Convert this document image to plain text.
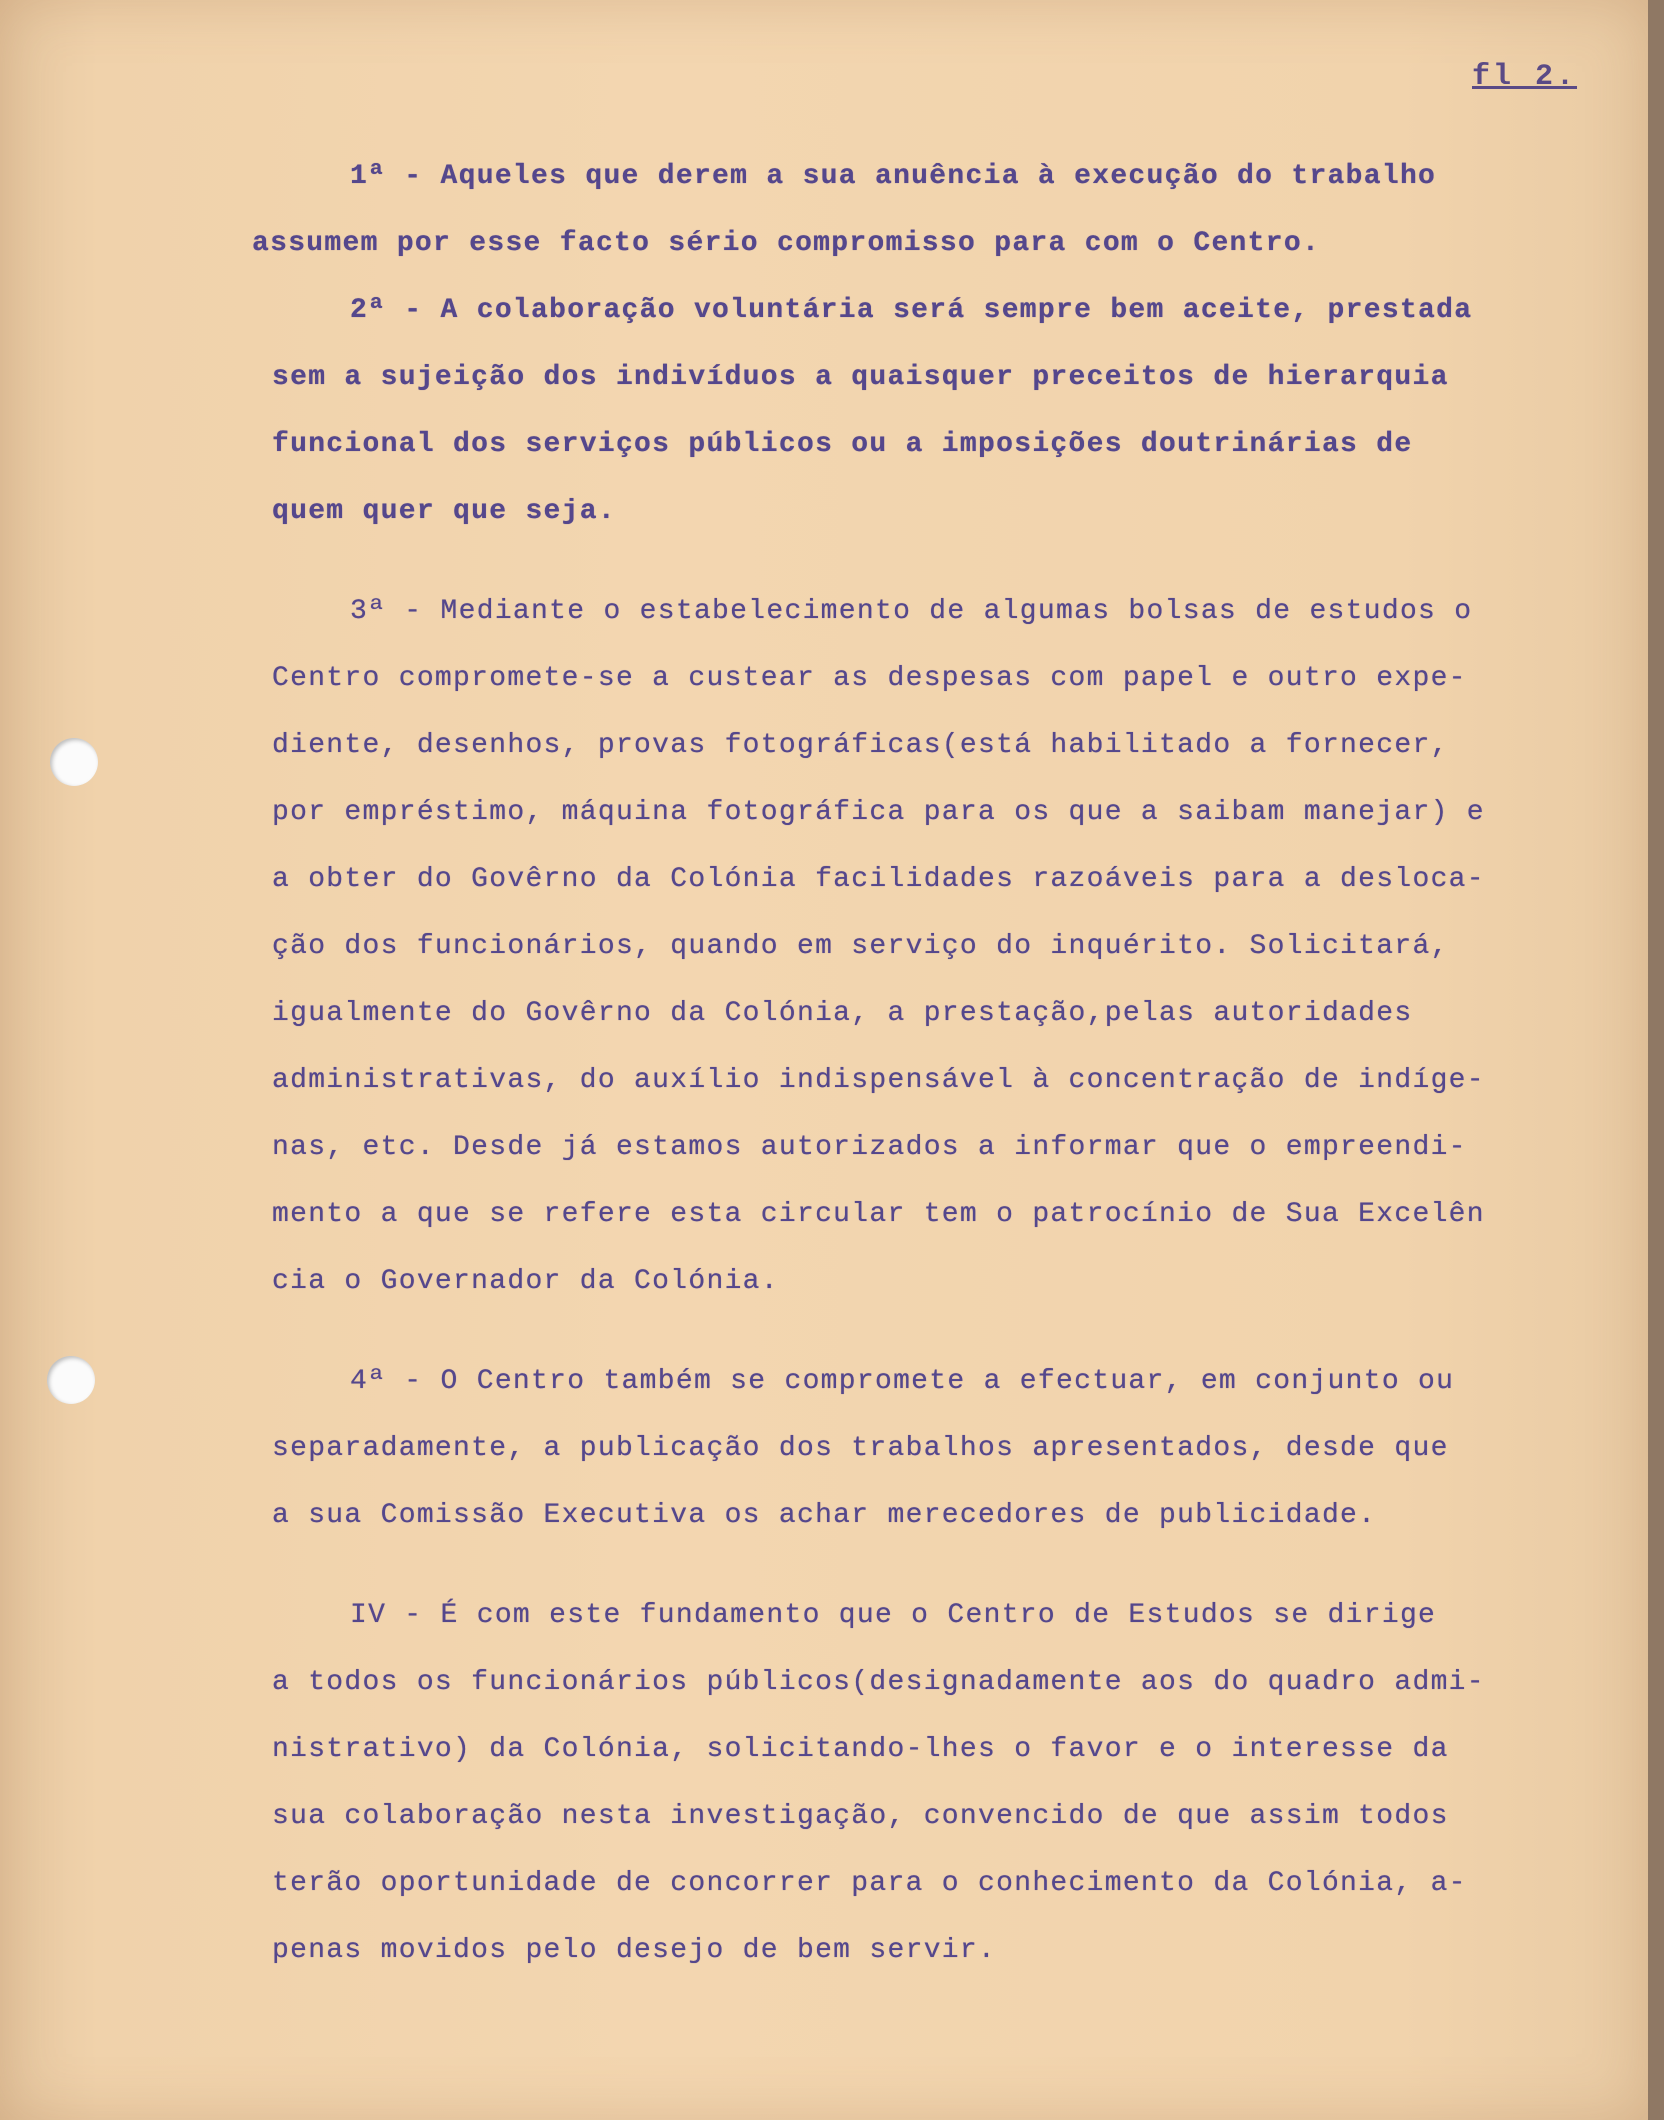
fl 2.
1ª - Aqueles que derem a sua anuência à execução do trabalho
assumem por esse facto sério compromisso para com o Centro.
2ª - A colaboração voluntária será sempre bem aceite, prestada
sem a sujeição dos indivíduos a quaisquer preceitos de hierarquia
funcional dos serviços públicos ou a imposições doutrinárias de
quem quer que seja.
3ª - Mediante o estabelecimento de algumas bolsas de estudos o
Centro compromete-se a custear as despesas com papel e outro expe-
diente, desenhos, provas fotográficas(está habilitado a fornecer,
por empréstimo, máquina fotográfica para os que a saibam manejar) e
a obter do Govêrno da Colónia facilidades razoáveis para a desloca-
ção dos funcionários, quando em serviço do inquérito. Solicitará,
igualmente do Govêrno da Colónia, a prestação,pelas autoridades
administrativas, do auxílio indispensável à concentração de indíge-
nas, etc. Desde já estamos autorizados a informar que o empreendi-
mento a que se refere esta circular tem o patrocínio de Sua Excelên
cia o Governador da Colónia.
4ª - O Centro também se compromete a efectuar, em conjunto ou
separadamente, a publicação dos trabalhos apresentados, desde que
a sua Comissão Executiva os achar merecedores de publicidade.
IV - É com este fundamento que o Centro de Estudos se dirige
a todos os funcionários públicos(designadamente aos do quadro admi-
nistrativo) da Colónia, solicitando-lhes o favor e o interesse da
sua colaboração nesta investigação, convencido de que assim todos
terão oportunidade de concorrer para o conhecimento da Colónia, a-
penas movidos pelo desejo de bem servir.
